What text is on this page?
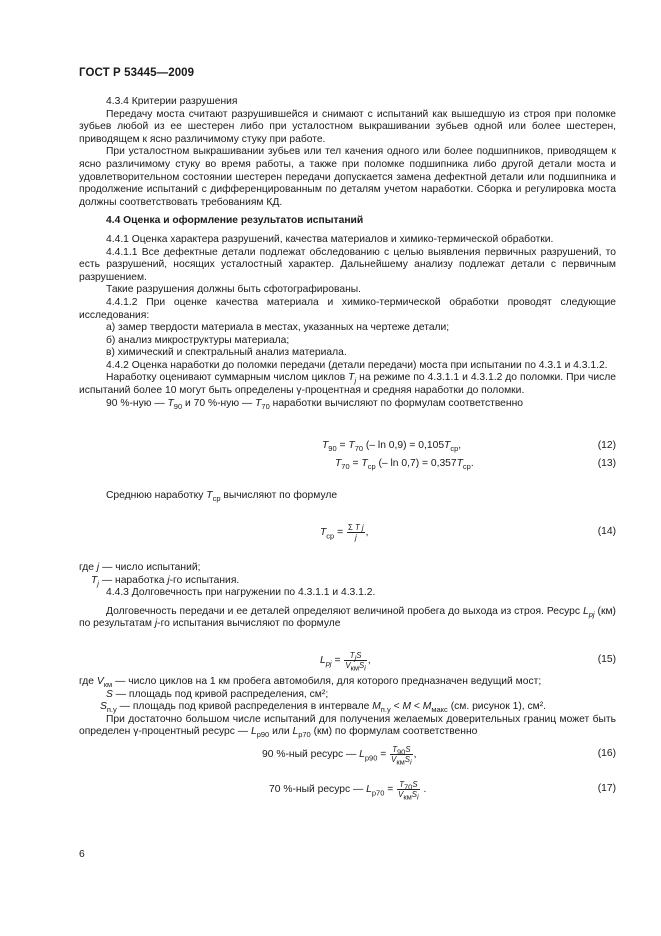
ГОСТ Р 53445—2009

4.3.4 Критерии разрушения

Передачу моста считают разрушившейся и снимают с испытаний как вышедшую из строя при поломке зубьев любой из ее шестерен либо при усталостном выкрашивании зубьев одной или более шестерен, приводящем к ясно различимому стуку при работе.

При усталостном выкрашивании зубьев или тел качения одного или более подшипников, приводящем к ясно различимому стуку во время работы, а также при поломке подшипника либо другой детали моста и удовлетворительном состоянии шестерен передачи допускается замена дефектной детали или подшипника и продолжение испытаний с дифференцированным по деталям учетом наработки. Сборка и регулировка моста должны соответствовать требованиям КД.

4.4 Оценка и оформление результатов испытаний

4.4.1 Оценка характера разрушений, качества материалов и химико-термической обработки.

4.4.1.1 Все дефектные детали подлежат обследованию с целью выявления первичных разрушений, то есть разрушений, носящих усталостный характер. Дальнейшему анализу подлежат детали с первичным разрушением.

Такие разрушения должны быть сфотографированы.

4.4.1.2 При оценке качества материала и химико-термической обработки проводят следующие исследования:

а) замер твердости материала в местах, указанных на чертеже детали;

б) анализ микроструктуры материала;

в) химический и спектральный анализ материала.

4.4.2 Оценка наработки до поломки передачи (детали передачи) моста при испытании по 4.3.1 и 4.3.1.2.

Наработку оценивают суммарным числом циклов $T_j$ на режиме по 4.3.1.1 и 4.3.1.2 до поломки. При числе испытаний более 10 могут быть определены γ-процентная и средняя наработки до поломки.

90 %-ную — $T_{90}$ и 70 %-ную — $T_{70}$ наработки вычисляют по формулам соответственно

$T_{90} = T_{70}$ (– $\ln 0,9) = 0,105T_{ср}$,	(12)
$T_{70} = T_{ср}$ (– $\ln 0,7) = 0,357T_{ср}$.	(13)

Среднюю наработку $T_{ср}$ вычисляют по формуле

$T_{ср} = \frac{\text{Σ T j}}{j}$ ,	(14)

где j — число испытаний;

$T_j$ — наработка j-го испытания.

4.4.3 Долговечность при нагружении по 4.3.1.1 и 4.3.1.2.

Долговечность передачи и ее деталей определяют величиной пробега до выхода из строя. Ресурс $L_{pj}$ (км) по результатам j-го испытания вычисляют по формуле

$L_{pj} = \frac{T_jS}{V_{км}S_i}$ ,	(15)

где $V_{км}$ — число циклов на 1 км пробега автомобиля, для которого предназначен ведущий мост;

S — площадь под кривой распределения, см²;

$S_{п.у}$ — площадь под кривой распределения в интервале $M_{п.у} < M < M_{макс}$ (см. рисунок 1), см².

При достаточно большом числе испытаний для получения желаемых доверительных границ может быть определен γ-процентный ресурс — $L_{р90}$ или $L_{р70}$ (км) по формулам соответственно

90 %-ный ресурс — $L_{р90} = \frac{T_{90}S}{V_{км}S_i}$ ,	(16)
70 %-ный ресурс — $L_{р70} = \frac{T_{70}S}{V_{км}S_i}$ .	(17)
6
